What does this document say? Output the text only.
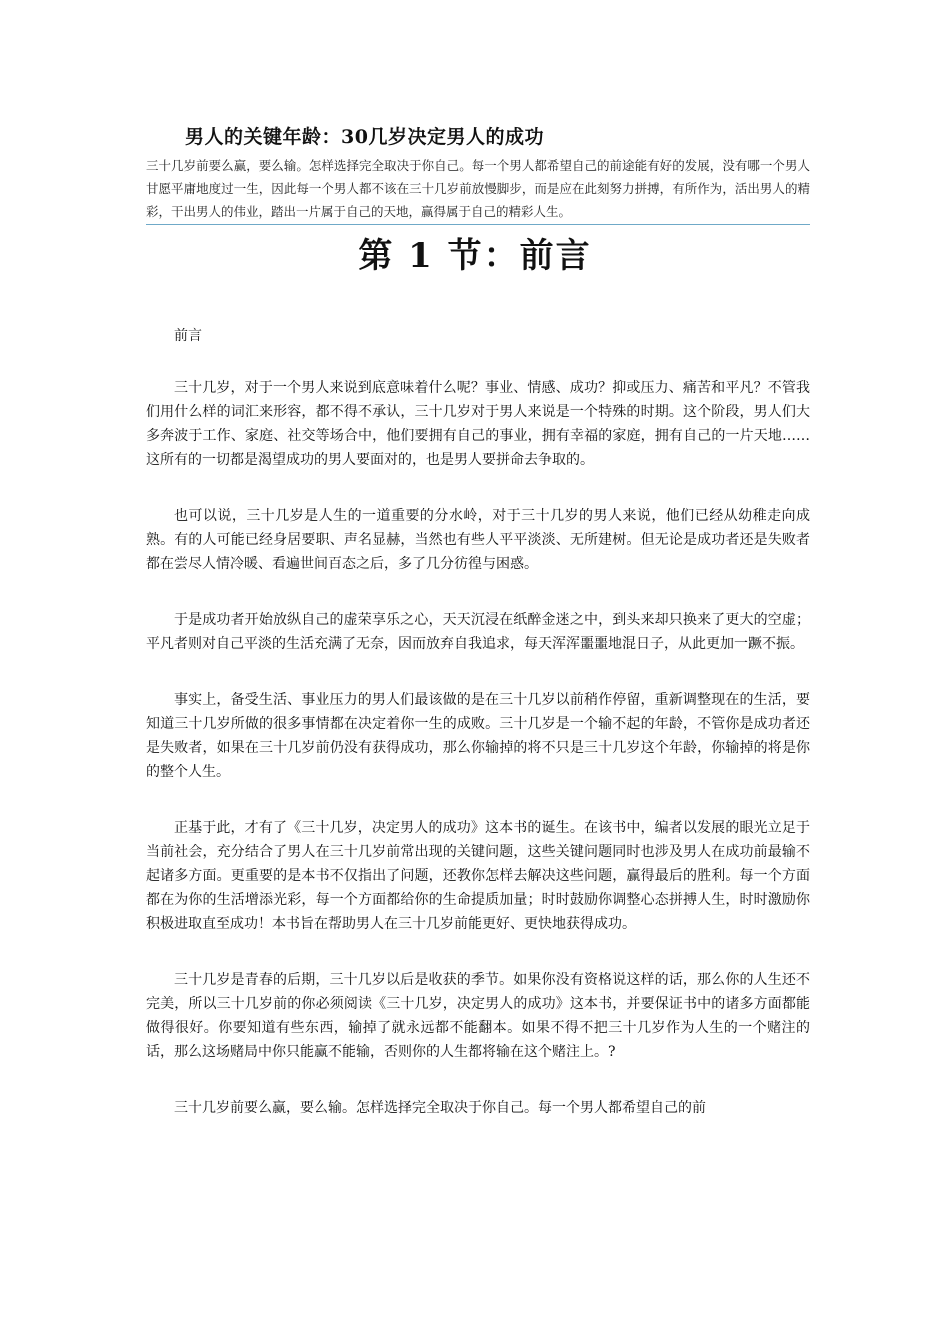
男人的关键年龄：30几岁决定男人的成功
三十几岁前要么赢，要么输。怎样选择完全取决于你自己。每一个男人都希望自己的前途能有好的发展，没有哪一个男人甘愿平庸地度过一生，因此每一个男人都不该在三十几岁前放慢脚步，而是应在此刻努力拼搏，有所作为，活出男人的精彩，干出男人的伟业，踏出一片属于自己的天地，赢得属于自己的精彩人生。
第 1 节：前言

前言

三十几岁，对于一个男人来说到底意味着什么呢？事业、情感、成功？抑或压力、痛苦和平凡？不管我们用什么样的词汇来形容，都不得不承认，三十几岁对于男人来说是一个特殊的时期。这个阶段，男人们大多奔波于工作、家庭、社交等场合中，他们要拥有自己的事业，拥有幸福的家庭，拥有自己的一片天地……这所有的一切都是渴望成功的男人要面对的，也是男人要拼命去争取的。

也可以说，三十几岁是人生的一道重要的分水岭，对于三十几岁的男人来说，他们已经从幼稚走向成熟。有的人可能已经身居要职、声名显赫，当然也有些人平平淡淡、无所建树。但无论是成功者还是失败者都在尝尽人情冷暖、看遍世间百态之后，多了几分彷徨与困惑。

于是成功者开始放纵自己的虚荣享乐之心，天天沉浸在纸醉金迷之中，到头来却只换来了更大的空虚；平凡者则对自己平淡的生活充满了无奈，因而放弃自我追求，每天浑浑噩噩地混日子，从此更加一蹶不振。

事实上，备受生活、事业压力的男人们最该做的是在三十几岁以前稍作停留，重新调整现在的生活，要知道三十几岁所做的很多事情都在决定着你一生的成败。三十几岁是一个输不起的年龄，不管你是成功者还是失败者，如果在三十几岁前仍没有获得成功，那么你输掉的将不只是三十几岁这个年龄，你输掉的将是你的整个人生。

正基于此，才有了《三十几岁，决定男人的成功》这本书的诞生。在该书中，编者以发展的眼光立足于当前社会，充分结合了男人在三十几岁前常出现的关键问题，这些关键问题同时也涉及男人在成功前最输不起诸多方面。更重要的是本书不仅指出了问题，还教你怎样去解决这些问题，赢得最后的胜利。每一个方面都在为你的生活增添光彩，每一个方面都给你的生命提质加量；时时鼓励你调整心态拼搏人生，时时激励你积极进取直至成功！本书旨在帮助男人在三十几岁前能更好、更快地获得成功。

三十几岁是青春的后期，三十几岁以后是收获的季节。如果你没有资格说这样的话，那么你的人生还不完美，所以三十几岁前的你必须阅读《三十几岁，决定男人的成功》这本书，并要保证书中的诸多方面都能做得很好。你要知道有些东西，输掉了就永远都不能翻本。如果不得不把三十几岁作为人生的一个赌注的话，那么这场赌局中你只能赢不能输，否则你的人生都将输在这个赌注上。?

三十几岁前要么赢，要么输。怎样选择完全取决于你自己。每一个男人都希望自己的前
